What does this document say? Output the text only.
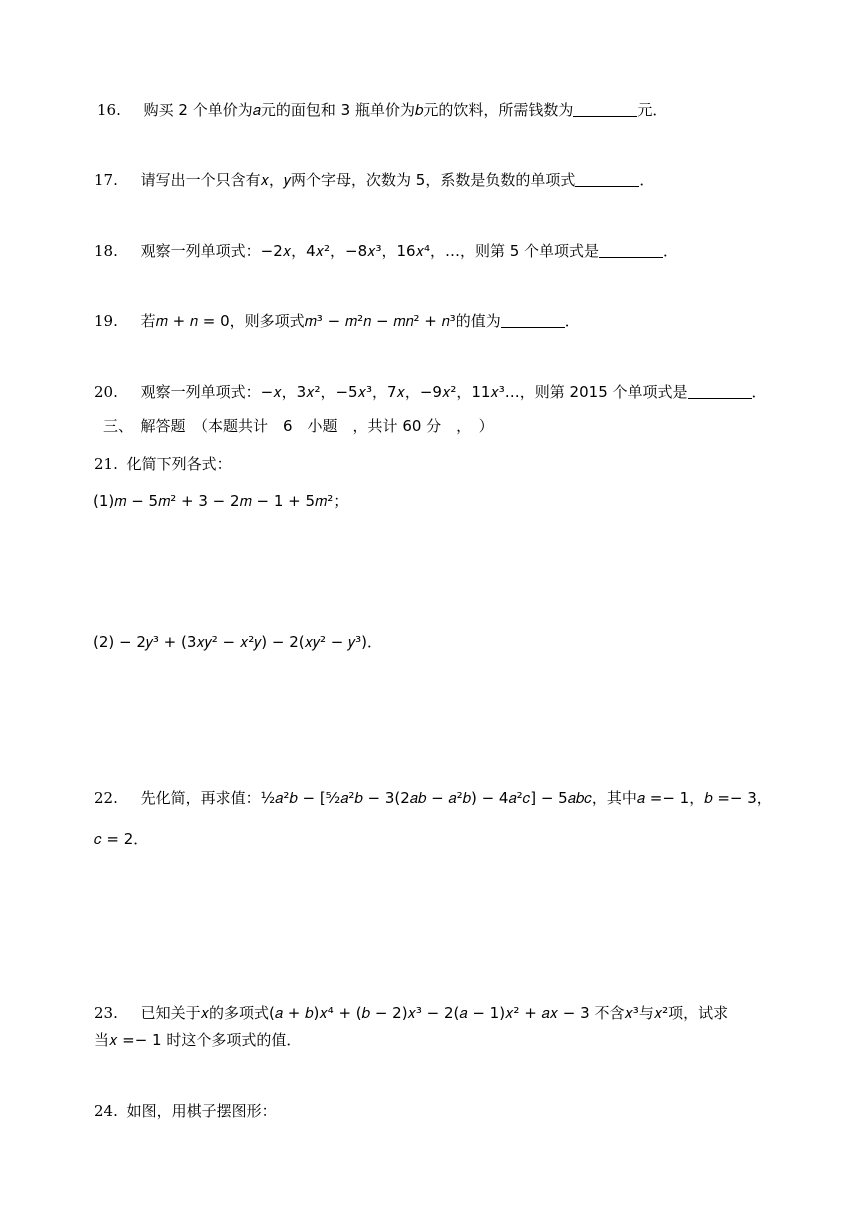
16. 购买 2 个单价为𝑎元的面包和 3 瓶单价为𝑏元的饮料，所需钱数为	元．
17. 请写出一个只含有𝑥，𝑦两个字母，次数为 5，系数是负数的单项式	．
18. 观察一列单项式：−2𝑥，4𝑥²，−8𝑥³，16𝑥⁴，…，则第 5 个单项式是	．
19. 若𝑚 + 𝑛 = 0，则多项式𝑚³ − 𝑚²𝑛 − 𝑚𝑛² + 𝑛³的值为	．
20. 观察一列单项式：−𝑥，3𝑥²，−5𝑥³，7𝑥，−9𝑥²，11𝑥³…，则第 2015 个单项式是	．
三、　解答题　（本题共计　6　小题　，共计 60 分　，　）
21. 化简下列各式：
(1)𝑚 − 5𝑚² + 3 − 2𝑚 − 1 + 5𝑚²；
(2) − 2𝑦³ + (3𝑥𝑦² − 𝑥²𝑦) − 2(𝑥𝑦² − 𝑦³)．
22. 先化简，再求值：½𝑎²𝑏 − [⁵⁄₂𝑎²𝑏 − 3(2𝑎𝑏 − 𝑎²𝑏) − 4𝑎²𝑐] − 5𝑎𝑏𝑐，其中𝑎 =− 1，𝑏 =− 3，
𝑐 = 2．
23. 已知关于𝑥的多项式(𝑎 + 𝑏)𝑥⁴ + (𝑏 − 2)𝑥³ − 2(𝑎 − 1)𝑥² + 𝑎𝑥 − 3 不含𝑥³与𝑥²项，试求
当𝑥 =− 1 时这个多项式的值．
24. 如图，用棋子摆图形：
